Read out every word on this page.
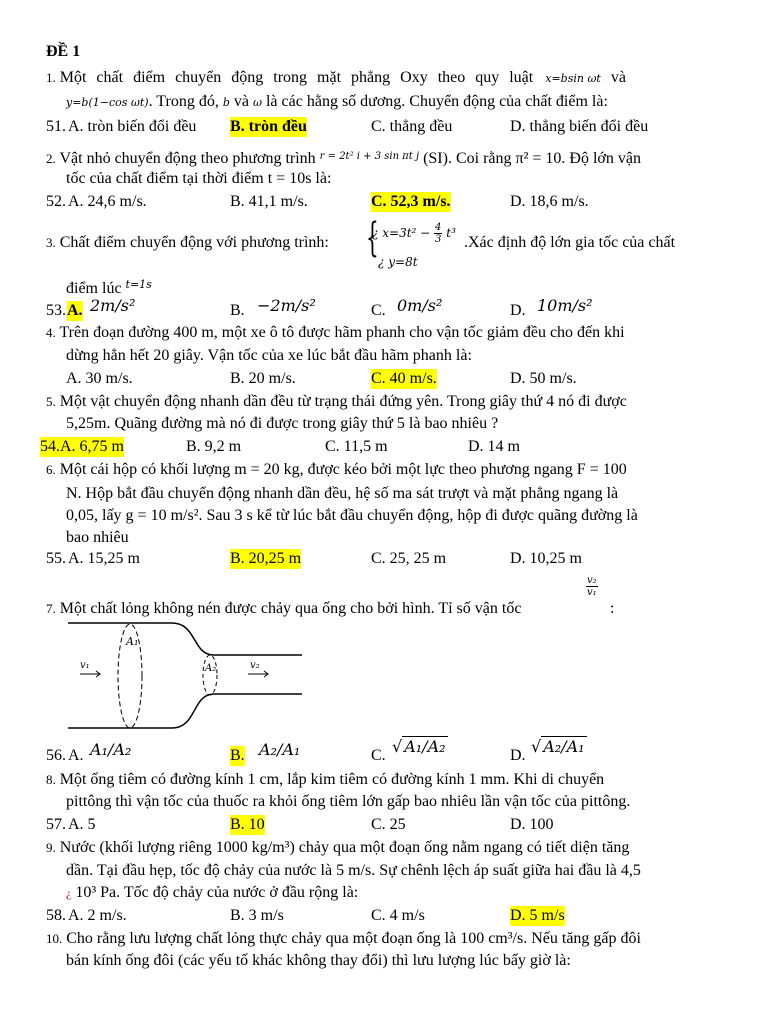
ĐỀ 1
1. Một chất điểm chuyển động trong mặt phẳng Oxy theo quy luật x=bsin ωt và
y=b(1−cos ωt). Trong đó, b và ω là các hằng số dương. Chuyển động của chất điểm là:
51. A. tròn biến đổi đều B. tròn đều	C. thẳng đều	D. thẳng biến đổi đều
2. Vật nhỏ chuyển động theo phương trình $^{r = 2t^2 i + 3 sin \pi t j}$ (SI). Coi rằng π² = 10. Độ lớn vận
tốc của chất điểm tại thời điểm t = 10s là:
52. A. 24,6 m/s.	B. 41,1 m/s.	C. 52,3 m/s.	D. 18,6 m/s.
3. Chất điểm chuyển động với phương trình: {
¿ $x=3t^2 - \frac{4}{3} t^3$
¿ y=8t
.Xác định độ lớn gia tốc của chất
điểm lúc $^{t=1s}$
53. A. 2m/s²	B. −2m/s²	C. 0m/s²	D. 10m/s²
4. Trên đoạn đường 400 m, một xe ô tô được hãm phanh cho vận tốc giảm đều cho đến khi
dừng hẳn hết 20 giây. Vận tốc của xe lúc bắt đầu hãm phanh là:
A. 30 m/s.	B. 20 m/s.	C. 40 m/s.	D. 50 m/s.
5. Một vật chuyển động nhanh dần đều từ trạng thái đứng yên. Trong giây thứ 4 nó đi được
5,25m. Quãng đường mà nó đi được trong giây thứ 5 là bao nhiêu ?
54.A. 6,75 m	B. 9,2 m	C. 11,5 m	D. 14 m
6. Một cái hộp có khối lượng m = 20 kg, được kéo bởi một lực theo phương ngang F = 100
N. Hộp bắt đầu chuyển động nhanh dần đều, hệ số ma sát trượt và mặt phẳng ngang là
0,05, lấy g = 10 m/s². Sau 3 s kể từ lúc bắt đầu chuyển động, hộp đi được quãng đường là
bao nhiêu
55. A. 15,25 m	B. 20,25 m	C. 25, 25 m	D. 10,25 m
7. Một chất lỏng không nén được chảy qua ống cho bởi hình. Tỉ số vận tốc
$\frac{\text{v₂}}{\text{v₁}}$
:
A₁
A₂
v₁	v₂
56. A. A₁/A₂	B. A₂/A₁	C. √ A₁/A₂	D. √ A₂/A₁
8. Một ống tiêm có đường kính 1 cm, lắp kim tiêm có đường kính 1 mm. Khi di chuyển
pittông thì vận tốc của thuốc ra khỏi ống tiêm lớn gấp bao nhiêu lần vận tốc của pittông.
57. A. 5	B. 10	C. 25	D. 100
9. Nước (khối lượng riêng 1000 kg/m³) chảy qua một đoạn ống nằm ngang có tiết diện tăng
dần. Tại đầu hẹp, tốc độ chảy của nước là 5 m/s. Sự chênh lệch áp suất giữa hai đầu là 4,5
¿ 10³ Pa. Tốc độ chảy của nước ở đầu rộng là:
58. A. 2 m/s.	B. 3 m/s	C. 4 m/s	D. 5 m/s
10. Cho rằng lưu lượng chất lỏng thực chảy qua một đoạn ống là 100 cm³/s. Nếu tăng gấp đôi
bán kính ống đôi (các yếu tố khác không thay đổi) thì lưu lượng lúc bấy giờ là:
